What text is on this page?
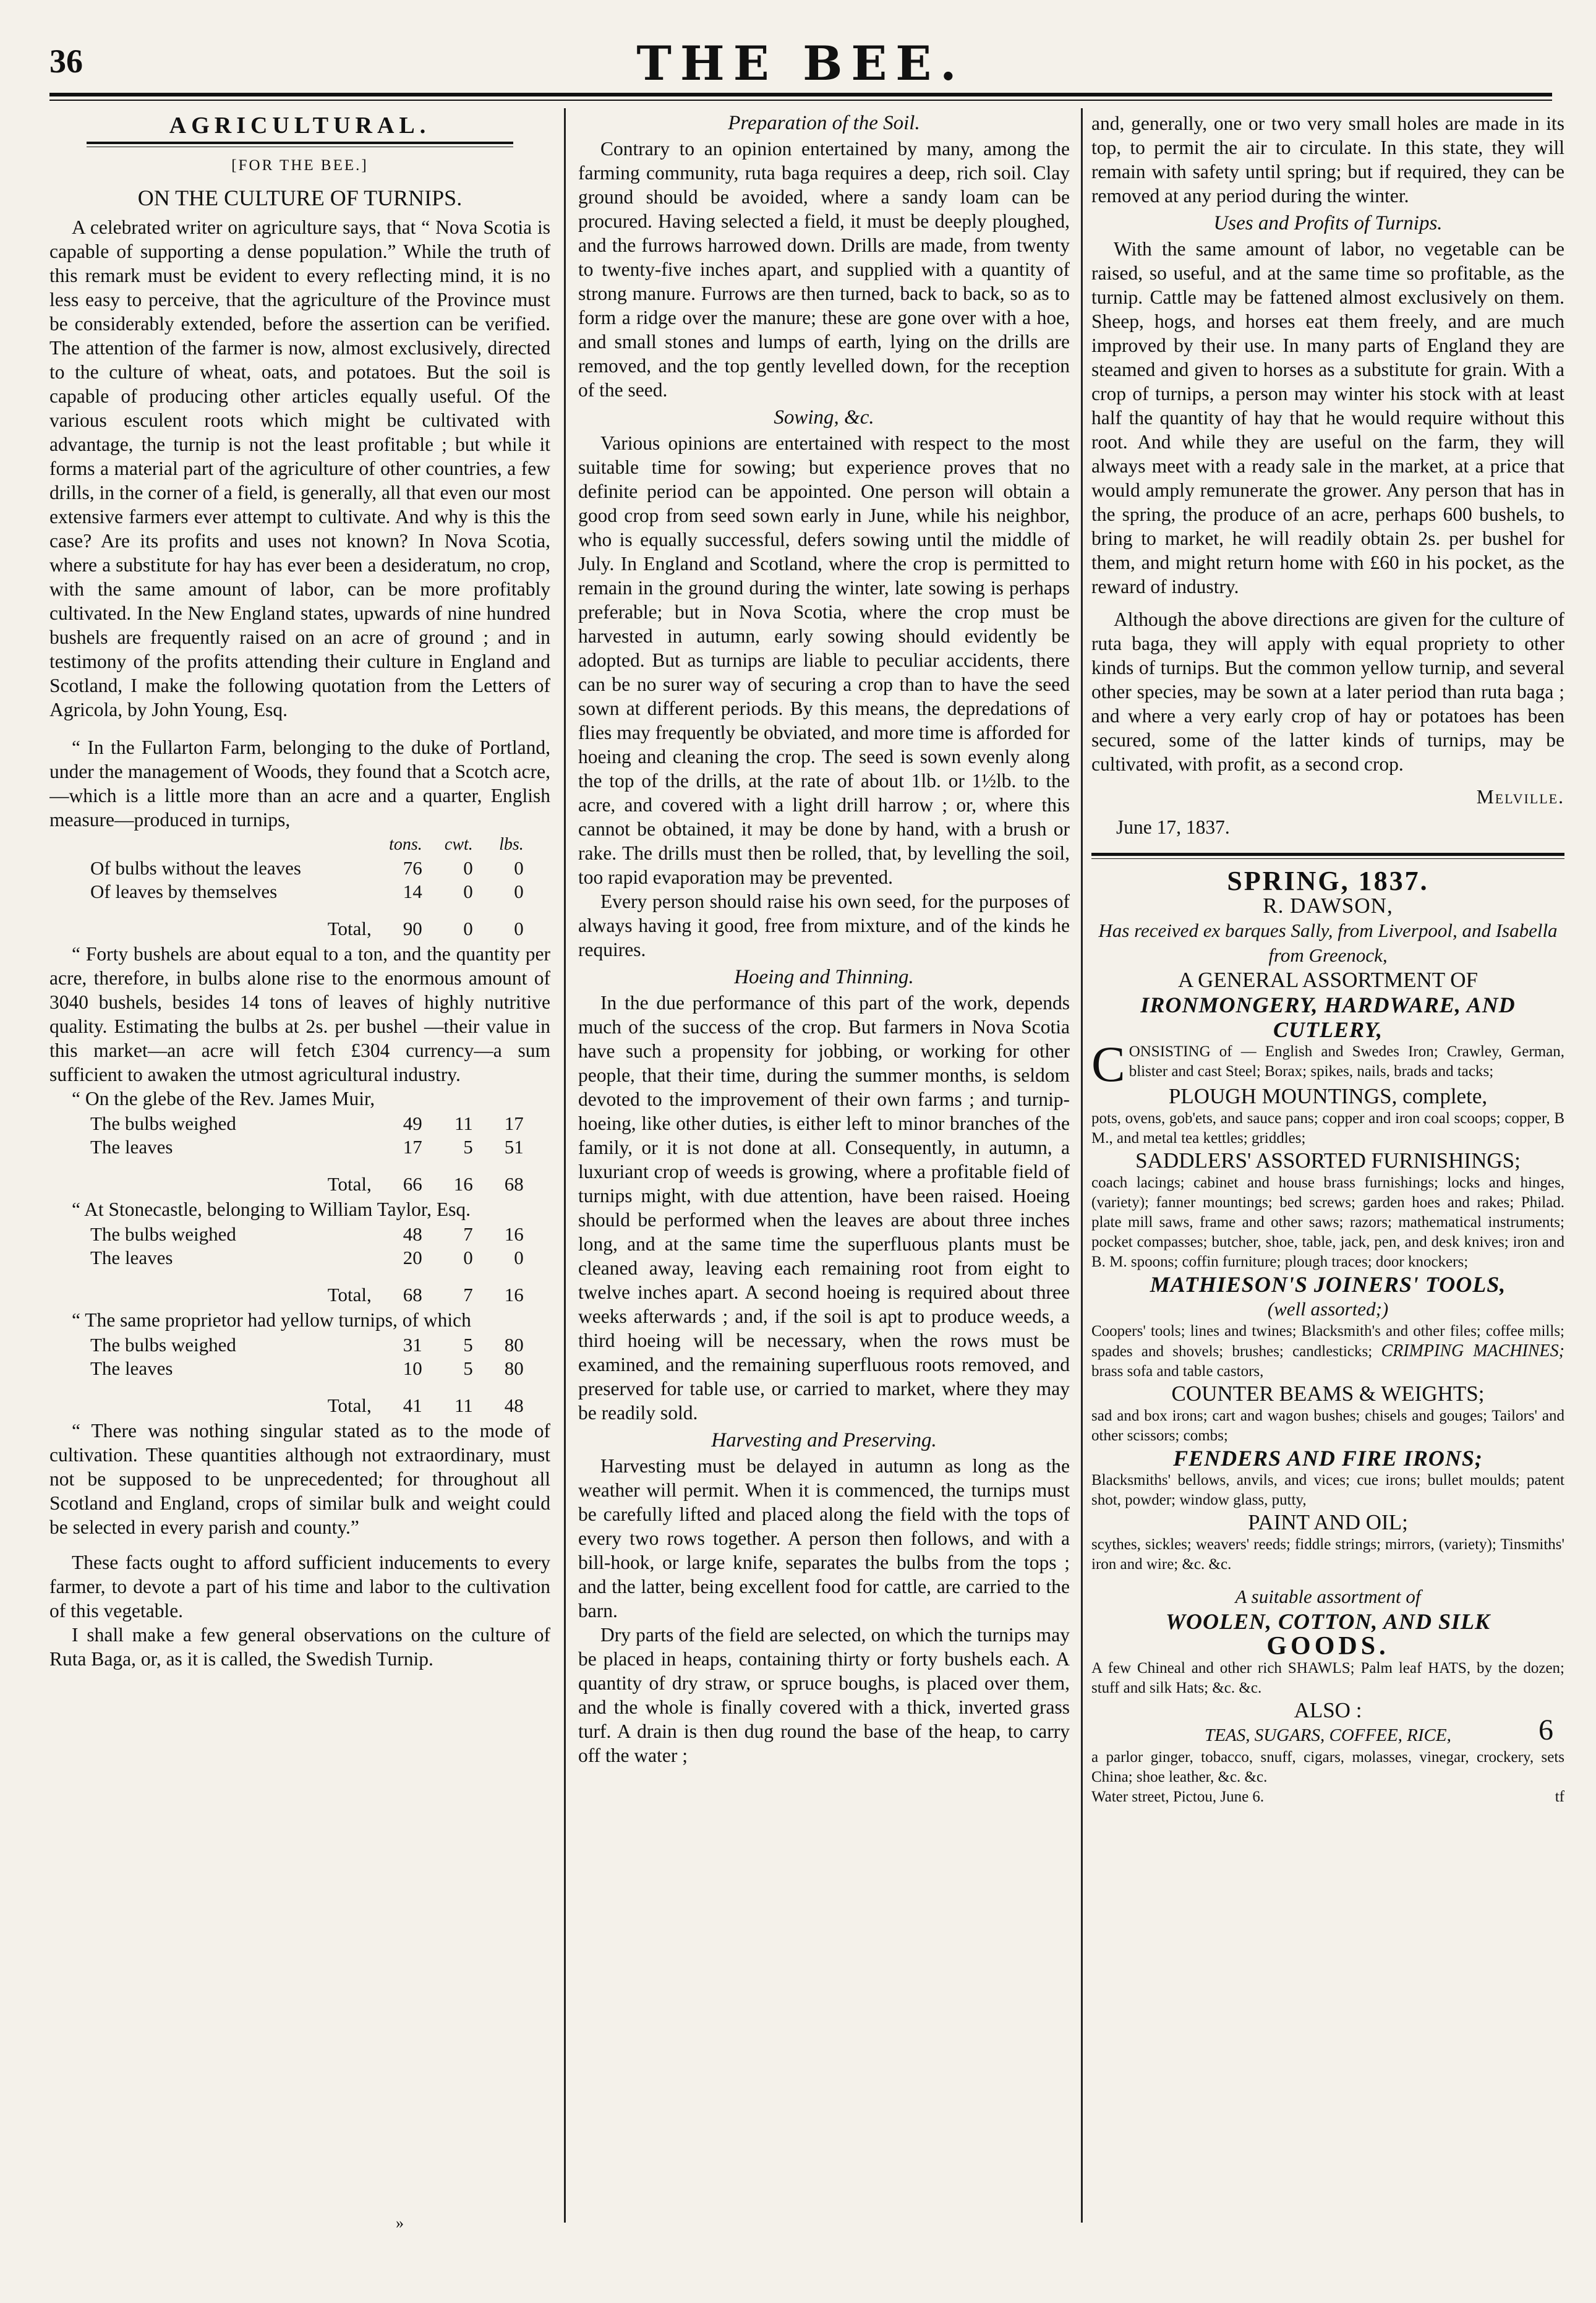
36	THE BEE.
AGRICULTURAL.
[FOR THE BEE.]
ON THE CULTURE OF TURNIPS.

A celebrated writer on agriculture says, that “ Nova Scotia is capable of supporting a dense population.” While the truth of this remark must be evident to every reflecting mind, it is no less easy to perceive, that the agriculture of the Province must be considerably extended, before the assertion can be verified. The attention of the farmer is now, almost exclusively, directed to the culture of wheat, oats, and potatoes. But the soil is capable of producing other articles equally useful. Of the various esculent roots which might be cultivated with advantage, the turnip is not the least profitable ; but while it forms a material part of the agriculture of other countries, a few drills, in the corner of a field, is generally, all that even our most extensive farmers ever attempt to cultivate. And why is this the case? Are its profits and uses not known? In Nova Scotia, where a substitute for hay has ever been a desideratum, no crop, with the same amount of labor, can be more profitably cultivated. In the New England states, upwards of nine hundred bushels are frequently raised on an acre of ground ; and in testimony of the profits attending their culture in England and Scotland, I make the following quotation from the Letters of Agricola, by John Young, Esq.

“ In the Fullarton Farm, belonging to the duke of Portland, under the management of Woods, they found that a Scotch acre,—which is a little more than an acre and a quarter, English measure—produced in turnips,

	tons.	cwt.	lbs.
Of bulbs without the leaves	76	0	0
Of leaves by themselves	14	0	0
Total,	90	0	0

“ Forty bushels are about equal to a ton, and the quantity per acre, therefore, in bulbs alone rise to the enormous amount of 3040 bushels, besides 14 tons of leaves of highly nutritive quality. Estimating the bulbs at 2s. per bushel —their value in this market—an acre will fetch £304 currency—a sum sufficient to awaken the utmost agricultural industry.

“ On the glebe of the Rev. James Muir,

The bulbs weighed	49	11	17
The leaves	17	5	51
Total,	66	16	68

“ At Stonecastle, belonging to William Taylor, Esq.

The bulbs weighed	48	7	16
The leaves	20	0	0
Total,	68	7	16

“ The same proprietor had yellow turnips, of which

The bulbs weighed	31	5	80
The leaves	10	5	80
Total,	41	11	48

“ There was nothing singular stated as to the mode of cultivation. These quantities although not extraordinary, must not be supposed to be unprecedented; for throughout all Scotland and England, crops of similar bulk and weight could be selected in every parish and county.”

These facts ought to afford sufficient inducements to every farmer, to devote a part of his time and labor to the cultivation of this vegetable.

I shall make a few general observations on the culture of Ruta Baga, or, as it is called, the Swedish Turnip.

Preparation of the Soil.

Contrary to an opinion entertained by many, among the farming community, ruta baga requires a deep, rich soil. Clay ground should be avoided, where a sandy loam can be procured. Having selected a field, it must be deeply ploughed, and the furrows harrowed down. Drills are made, from twenty to twenty-five inches apart, and supplied with a quantity of strong manure. Furrows are then turned, back to back, so as to form a ridge over the manure; these are gone over with a hoe, and small stones and lumps of earth, lying on the drills are removed, and the top gently levelled down, for the reception of the seed.

Sowing, &c.

Various opinions are entertained with respect to the most suitable time for sowing; but experience proves that no definite period can be appointed. One person will obtain a good crop from seed sown early in June, while his neighbor, who is equally successful, defers sowing until the middle of July. In England and Scotland, where the crop is permitted to remain in the ground during the winter, late sowing is perhaps preferable; but in Nova Scotia, where the crop must be harvested in autumn, early sowing should evidently be adopted. But as turnips are liable to peculiar accidents, there can be no surer way of securing a crop than to have the seed sown at different periods. By this means, the depredations of flies may frequently be obviated, and more time is afforded for hoeing and cleaning the crop. The seed is sown evenly along the top of the drills, at the rate of about 1lb. or 1½lb. to the acre, and covered with a light drill harrow ; or, where this cannot be obtained, it may be done by hand, with a brush or rake. The drills must then be rolled, that, by levelling the soil, too rapid evaporation may be prevented.

Every person should raise his own seed, for the purposes of always having it good, free from mixture, and of the kinds he requires.

Hoeing and Thinning.

In the due performance of this part of the work, depends much of the success of the crop. But farmers in Nova Scotia have such a propensity for jobbing, or working for other people, that their time, during the summer months, is seldom devoted to the improvement of their own farms ; and turnip-hoeing, like other duties, is either left to minor branches of the family, or it is not done at all. Consequently, in autumn, a luxuriant crop of weeds is growing, where a profitable field of turnips might, with due attention, have been raised. Hoeing should be performed when the leaves are about three inches long, and at the same time the superfluous plants must be cleaned away, leaving each remaining root from eight to twelve inches apart. A second hoeing is required about three weeks afterwards ; and, if the soil is apt to produce weeds, a third hoeing will be necessary, when the rows must be examined, and the remaining superfluous roots removed, and preserved for table use, or carried to market, where they may be readily sold.

Harvesting and Preserving.

Harvesting must be delayed in autumn as long as the weather will permit. When it is commenced, the turnips must be carefully lifted and placed along the field with the tops of every two rows together. A person then follows, and with a bill-hook, or large knife, separates the bulbs from the tops ; and the latter, being excellent food for cattle, are carried to the barn.

Dry parts of the field are selected, on which the turnips may be placed in heaps, containing thirty or forty bushels each. A quantity of dry straw, or spruce boughs, is placed over them, and the whole is finally covered with a thick, inverted grass turf. A drain is then dug round the base of the heap, to carry off the water ;

and, generally, one or two very small holes are made in its top, to permit the air to circulate. In this state, they will remain with safety until spring; but if required, they can be removed at any period during the winter.

Uses and Profits of Turnips.

With the same amount of labor, no vegetable can be raised, so useful, and at the same time so profitable, as the turnip. Cattle may be fattened almost exclusively on them. Sheep, hogs, and horses eat them freely, and are much improved by their use. In many parts of England they are steamed and given to horses as a substitute for grain. With a crop of turnips, a person may winter his stock with at least half the quantity of hay that he would require without this root. And while they are useful on the farm, they will always meet with a ready sale in the market, at a price that would amply remunerate the grower. Any person that has in the spring, the produce of an acre, perhaps 600 bushels, to bring to market, he will readily obtain 2s. per bushel for them, and might return home with £60 in his pocket, as the reward of industry.

Although the above directions are given for the culture of ruta baga, they will apply with equal propriety to other kinds of turnips. But the common yellow turnip, and several other species, may be sown at a later period than ruta baga ; and where a very early crop of hay or potatoes has been secured, some of the latter kinds of turnips, may be cultivated, with profit, as a second crop.

Melville.
June 17, 1837.
SPRING, 1837.
R. DAWSON,
Has received ex barques Sally, from Liverpool, and Isabella from Greenock,
A GENERAL ASSORTMENT OF
IRONMONGERY, HARDWARE, AND CUTLERY,
CONSISTING of — English and Swedes Iron; Crawley, German, blister and cast Steel; Borax; spikes, nails, brads and tacks;
PLOUGH MOUNTINGS, complete,
pots, ovens, gob'ets, and sauce pans; copper and iron coal scoops; copper, B M., and metal tea kettles; griddles;
SADDLERS' ASSORTED FURNISHINGS;
coach lacings; cabinet and house brass furnishings; locks and hinges, (variety); fanner mountings; bed screws; garden hoes and rakes; Philad. plate mill saws, frame and other saws; razors; mathematical instruments; pocket compasses; butcher, shoe, table, jack, pen, and desk knives; iron and B. M. spoons; coffin furniture; plough traces; door knockers;
MATHIESON'S JOINERS' TOOLS,
(well assorted;)
Coopers' tools; lines and twines; Blacksmith's and other files; coffee mills; spades and shovels; brushes; candlesticks; CRIMPING MACHINES; brass sofa and table castors,
COUNTER BEAMS & WEIGHTS;
sad and box irons; cart and wagon bushes; chisels and gouges; Tailors' and other scissors; combs;
FENDERS AND FIRE IRONS;
Blacksmiths' bellows, anvils, and vices; cue irons; bullet moulds; patent shot, powder; window glass, putty,
PAINT AND OIL;
scythes, sickles; weavers' reeds; fiddle strings; mirrors, (variety); Tinsmiths' iron and wire; &c. &c.
A suitable assortment of
WOOLEN, COTTON, AND SILK
GOODS.
A few Chineal and other rich SHAWLS; Palm leaf HATS, by the dozen; stuff and silk Hats; &c. &c.
ALSO :
TEAS, SUGARS, COFFEE, RICE,
a parlor ginger, tobacco, snuff, cigars, molasses, vinegar, crockery, sets China; shoe leather, &c. &c.
Water street, Pictou, June 6.	tf
»
6
